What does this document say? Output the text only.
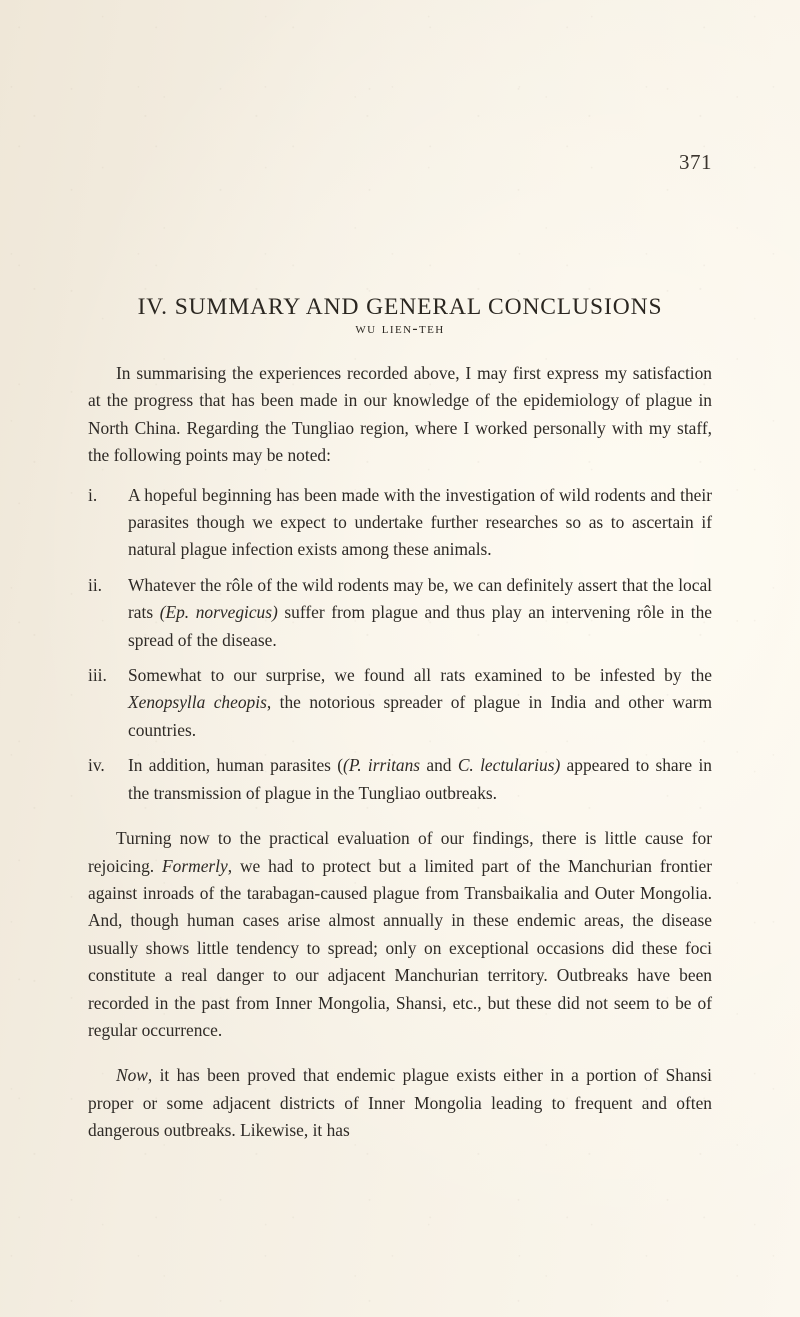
371
IV. SUMMARY AND GENERAL CONCLUSIONS
wu lien-teh

In summarising the experiences recorded above, I may first express my satisfaction at the progress that has been made in our knowledge of the epidemiology of plague in North China. Regarding the Tungliao region, where I worked personally with my staff, the following points may be noted:

i.	A hopeful beginning has been made with the investigation of wild rodents and their parasites though we expect to undertake further researches so as to ascertain if natural plague infection exists among these animals.
ii.	Whatever the rôle of the wild rodents may be, we can definitely assert that the local rats (Ep. norvegicus) suffer from plague and thus play an intervening rôle in the spread of the disease.
iii.	Somewhat to our surprise, we found all rats examined to be infested by the Xenopsylla cheopis, the notorious spreader of plague in India and other warm countries.
iv.	In addition, human parasites ((P. irritans and C. lectularius) appeared to share in the transmission of plague in the Tungliao outbreaks.

Turning now to the practical evaluation of our findings, there is little cause for rejoicing. Formerly, we had to protect but a limited part of the Manchurian frontier against inroads of the tarabagan-caused plague from Transbaikalia and Outer Mongolia. And, though human cases arise almost annually in these endemic areas, the disease usually shows little tendency to spread; only on exceptional occasions did these foci constitute a real danger to our adjacent Manchurian territory. Outbreaks have been recorded in the past from Inner Mongolia, Shansi, etc., but these did not seem to be of regular occurrence.

Now, it has been proved that endemic plague exists either in a portion of Shansi proper or some adjacent districts of Inner Mongolia leading to frequent and often dangerous outbreaks. Likewise, it has
